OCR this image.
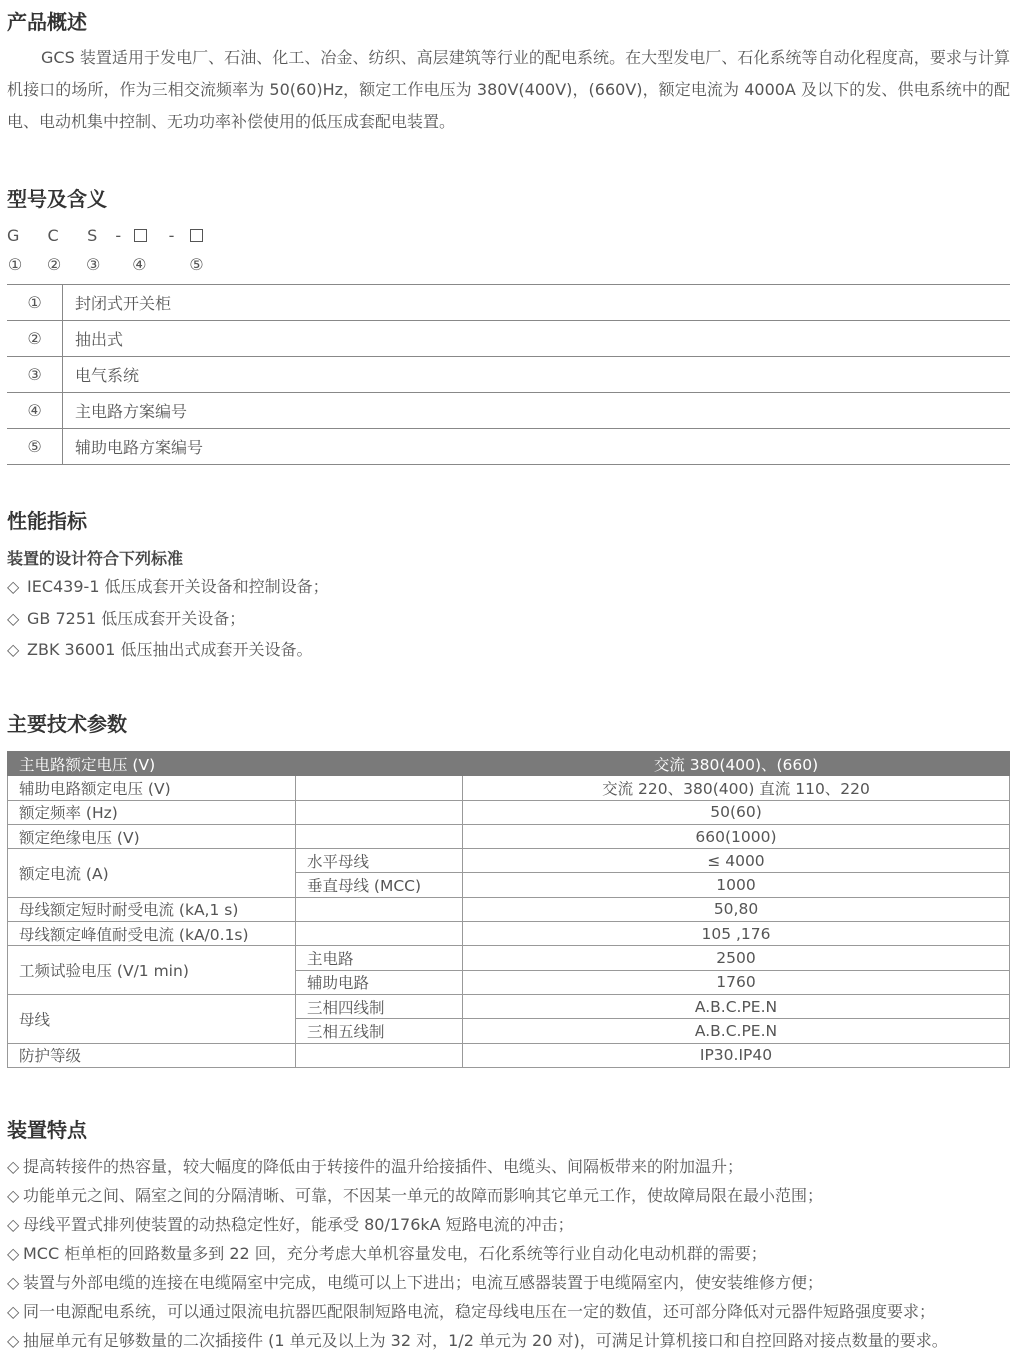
产品概述

GCS 装置适用于发电厂、石油、化工、冶金、纺织、高层建筑等行业的配电系统。在大型发电厂、石化系统等自动化程度高，要求与计算机接口的场所，作为三相交流频率为 50(60)Hz，额定工作电压为 380V(400V)，(660V)，额定电流为 4000A 及以下的发、供电系统中的配电、电动机集中控制、无功功率补偿使用的低压成套配电装置。

型号及含义
G C S -	-
① ② ③ ④	⑤
①	封闭式开关柜
②	抽出式
③	电气系统
④	主电路方案编号
⑤	辅助电路方案编号
性能指标
装置的设计符合下列标准
◇ IEC439-1 低压成套开关设备和控制设备；
◇ GB 7251 低压成套开关设备；
◇ ZBK 36001 低压抽出式成套开关设备。
主要技术参数
主电路额定电压 (V)		交流 380(400)、(660)
辅助电路额定电压 (V)		交流 220、380(400) 直流 110、220
额定频率 (Hz)		50(60)
额定绝缘电压 (V)		660(1000)
额定电流 (A)	水平母线	≤ 4000
	垂直母线 (MCC)	1000
母线额定短时耐受电流 (kA,1 s)		50,80
母线额定峰值耐受电流 (kA/0.1s)		105 ,176
工频试验电压 (V/1 min)	主电路	2500
	辅助电路	1760
母线	三相四线制	A.B.C.PE.N
	三相五线制	A.B.C.PE.N
防护等级		IP30.IP40
装置特点
◇ 提高转接件的热容量，较大幅度的降低由于转接件的温升给接插件、电缆头、间隔板带来的附加温升；
◇ 功能单元之间、隔室之间的分隔清晰、可靠，不因某一单元的故障而影响其它单元工作，使故障局限在最小范围；
◇ 母线平置式排列使装置的动热稳定性好，能承受 80/176kA 短路电流的冲击；
◇ MCC 柜单柜的回路数量多到 22 回，充分考虑大单机容量发电，石化系统等行业自动化电动机群的需要；
◇ 装置与外部电缆的连接在电缆隔室中完成，电缆可以上下进出；电流互感器装置于电缆隔室内，使安装维修方便；
◇ 同一电源配电系统，可以通过限流电抗器匹配限制短路电流，稳定母线电压在一定的数值，还可部分降低对元器件短路强度要求；
◇ 抽屉单元有足够数量的二次插接件 (1 单元及以上为 32 对，1/2 单元为 20 对)，可满足计算机接口和自控回路对接点数量的要求。
